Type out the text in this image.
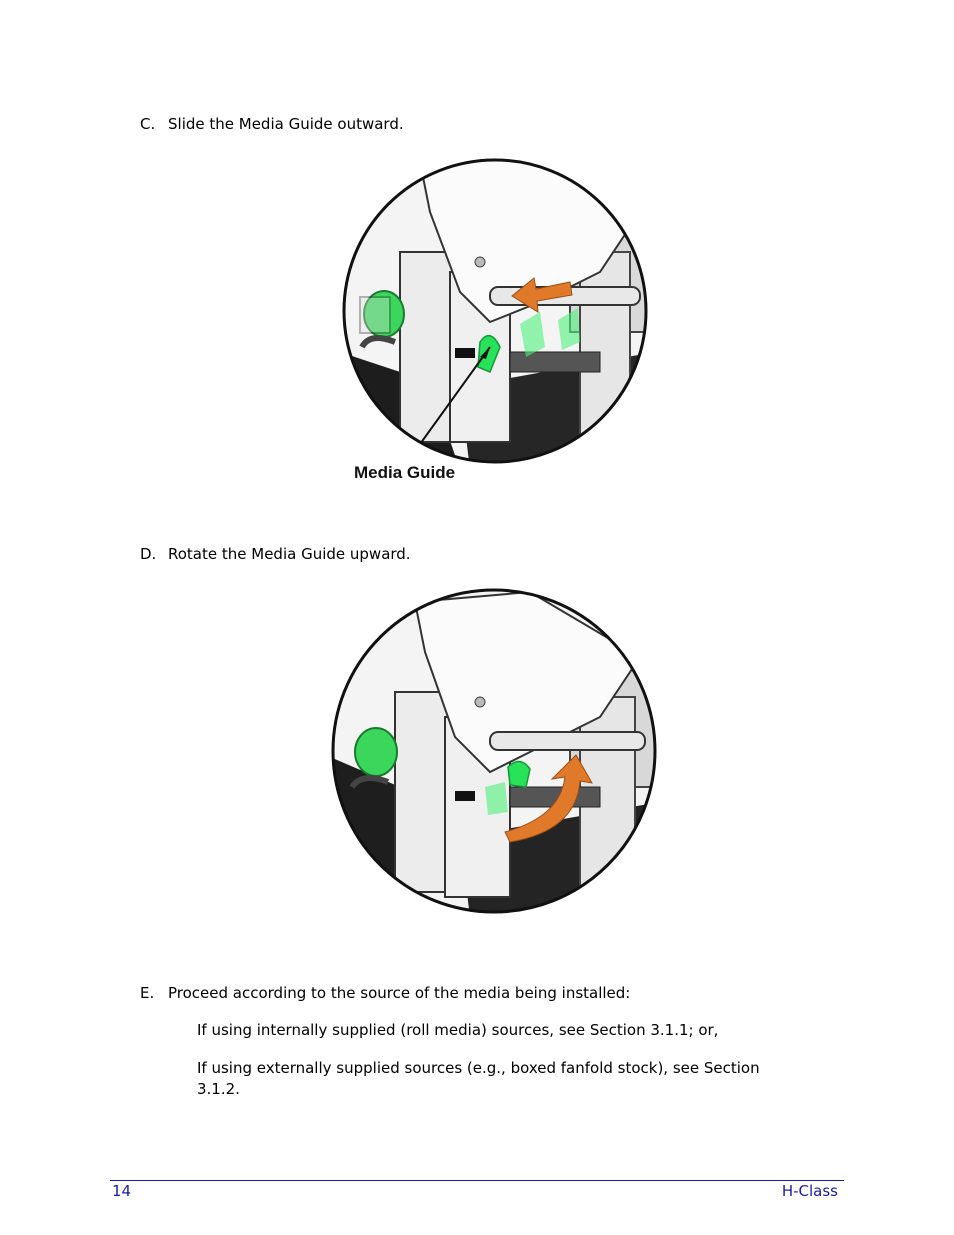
C. Slide the Media Guide outward.
Media Guide
D. Rotate the Media Guide upward.
E. Proceed according to the source of the media being installed:
If using internally supplied (roll media) sources, see Section 3.1.1; or,
If using externally supplied sources (e.g., boxed fanfold stock), see Section 3.1.2.
14	H-Class
